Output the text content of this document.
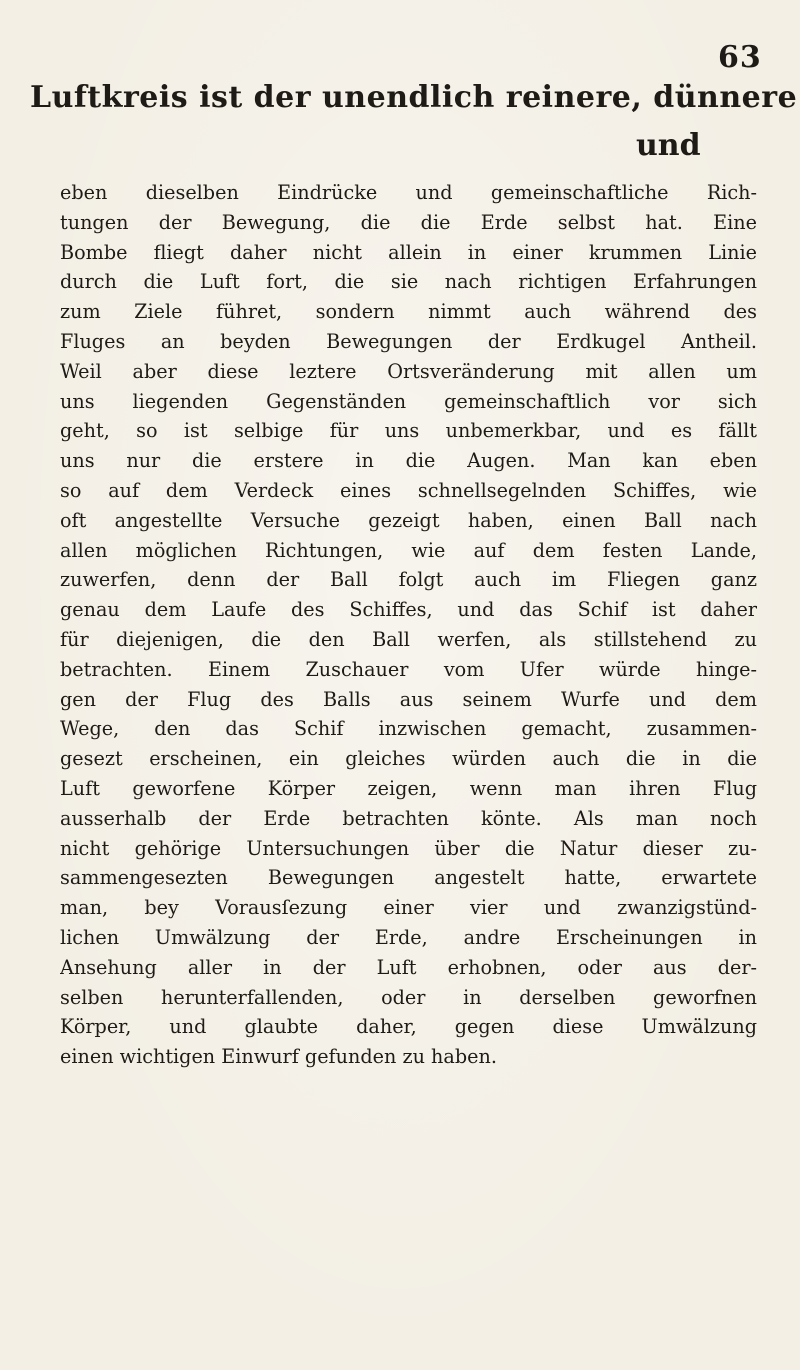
63
Luftkreis ist der unendlich reinere, dünnere
und
eben dieselben Eindrücke und gemeinschaftliche Rich-
tungen der Bewegung, die die Erde selbst hat. Eine
Bombe fliegt daher nicht allein in einer krummen Linie
durch die Luft fort, die sie nach richtigen Erfahrungen
zum Ziele führet, sondern nimmt auch während des
Fluges an beyden Bewegungen der Erdkugel Antheil.
Weil aber diese leztere Ortsveränderung mit allen um
uns liegenden Gegenständen gemeinschaftlich vor sich
geht, so ist selbige für uns unbemerkbar, und es fällt
uns nur die erstere in die Augen. Man kan eben
so auf dem Verdeck eines schnellsegelnden Schiffes, wie
oft angestellte Versuche gezeigt haben, einen Ball nach
allen möglichen Richtungen, wie auf dem festen Lande,
zuwerfen, denn der Ball folgt auch im Fliegen ganz
genau dem Laufe des Schiffes, und das Schif ist daher
für diejenigen, die den Ball werfen, als stillstehend zu
betrachten. Einem Zuschauer vom Ufer würde hinge-
gen der Flug des Balls aus seinem Wurfe und dem
Wege, den das Schif inzwischen gemacht, zusammen-
gesezt erscheinen, ein gleiches würden auch die in die
Luft geworfene Körper zeigen, wenn man ihren Flug
ausserhalb der Erde betrachten könte. Als man noch
nicht gehörige Untersuchungen über die Natur dieser zu-
sammengesezten Bewegungen angestelt hatte, erwartete
man, bey Vorausſezung einer vier und zwanzigstünd-
lichen Umwälzung der Erde, andre Erscheinungen in
Ansehung aller in der Luft erhobnen, oder aus der-
selben herunterfallenden, oder in derselben geworfnen
Körper, und glaubte daher, gegen diese Umwälzung
einen wichtigen Einwurf gefunden zu haben.
